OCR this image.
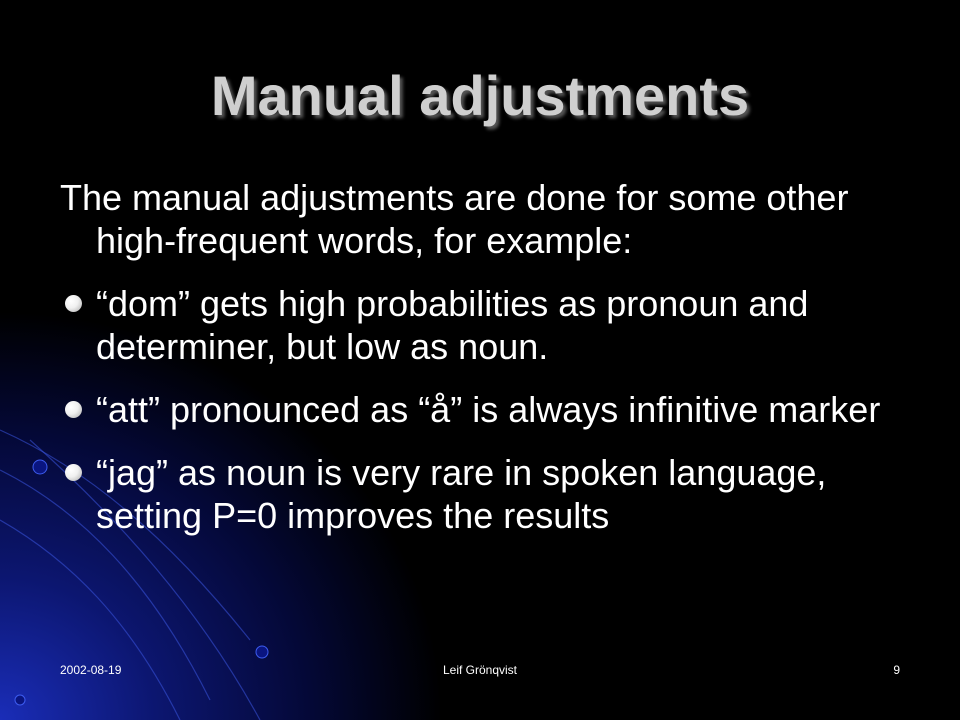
Manual adjustments

The manual adjustments are done for some other high-frequent words, for example:

“dom” gets high probabilities as pronoun and determiner, but low as noun.
“att” pronounced as “å” is always infinitive marker
“jag” as noun is very rare in spoken language, setting P=0 improves the results
2002-08-19	Leif Grönqvist	9
